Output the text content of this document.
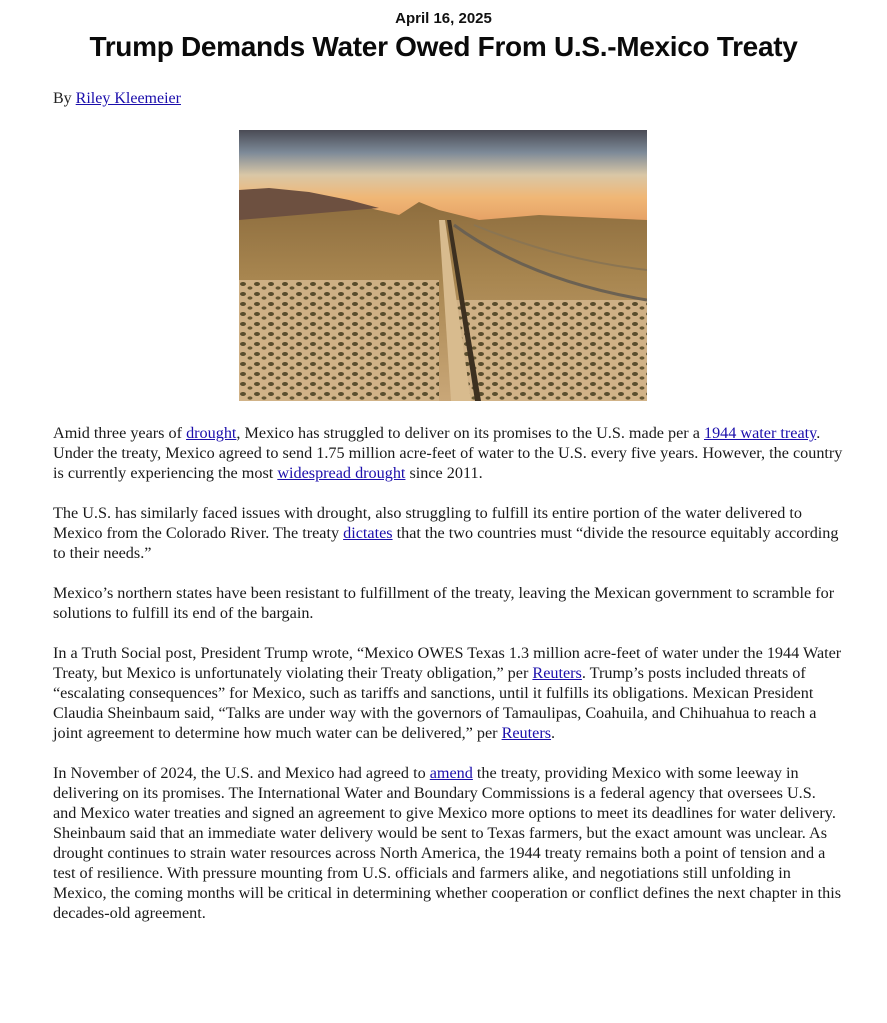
April 16, 2025
Trump Demands Water Owed From U.S.-Mexico Treaty
By Riley Kleemeier

Amid three years of drought, Mexico has struggled to deliver on its promises to the U.S. made per a 1944 water treaty. Under the treaty, Mexico agreed to send 1.75 million acre-feet of water to the U.S. every five years. However, the country is currently experiencing the most widespread drought since 2011.

The U.S. has similarly faced issues with drought, also struggling to fulfill its entire portion of the water delivered to Mexico from the Colorado River. The treaty dictates that the two countries must “divide the resource equitably according to their needs.”

Mexico’s northern states have been resistant to fulfillment of the treaty, leaving the Mexican government to scramble for solutions to fulfill its end of the bargain.

In a Truth Social post, President Trump wrote, “Mexico OWES Texas 1.3 million acre-feet of water under the 1944 Water Treaty, but Mexico is unfortunately violating their Treaty obligation,” per Reuters. Trump’s posts included threats of “escalating consequences” for Mexico, such as tariffs and sanctions, until it fulfills its obligations. Mexican President Claudia Sheinbaum said, “Talks are under way with the governors of Tamaulipas, Coahuila, and Chihuahua to reach a joint agreement to determine how much water can be delivered,” per Reuters.

In November of 2024, the U.S. and Mexico had agreed to amend the treaty, providing Mexico with some leeway in delivering on its promises. The International Water and Boundary Commissions is a federal agency that oversees U.S. and Mexico water treaties and signed an agreement to give Mexico more options to meet its deadlines for water delivery. Sheinbaum said that an immediate water delivery would be sent to Texas farmers, but the exact amount was unclear. As drought continues to strain water resources across North America, the 1944 treaty remains both a point of tension and a test of resilience. With pressure mounting from U.S. officials and farmers alike, and negotiations still unfolding in Mexico, the coming months will be critical in determining whether cooperation or conflict defines the next chapter in this decades-old agreement.
